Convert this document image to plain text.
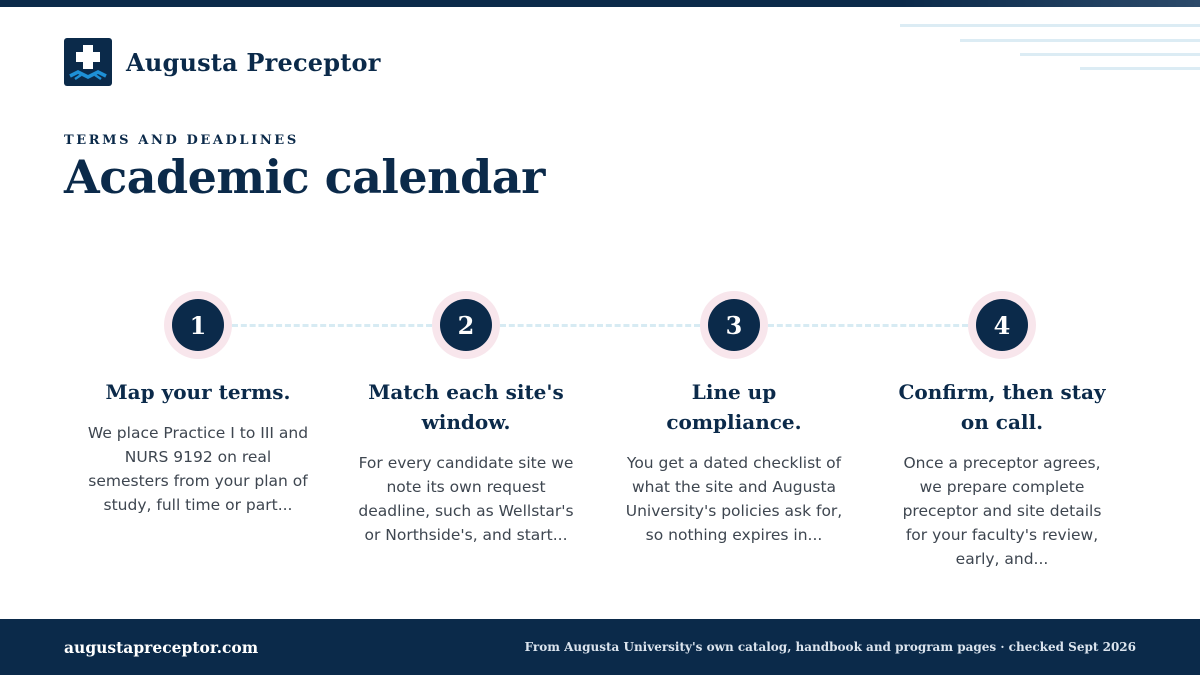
Augusta Preceptor
TERMS AND DEADLINES
Academic calendar
1
Map your terms.
We place Practice I to III and NURS 9192 on real semesters from your plan of study, full time or part...
2
Match each site's window.
For every candidate site we note its own request deadline, such as Wellstar's or Northside's, and start...
3
Line up compliance.
You get a dated checklist of what the site and Augusta University's policies ask for, so nothing expires in...
4
Confirm, then stay on call.
Once a preceptor agrees, we prepare complete preceptor and site details for your faculty's review, early, and...
augustapreceptor.com	From Augusta University's own catalog, handbook and program pages · checked Sept 2026
